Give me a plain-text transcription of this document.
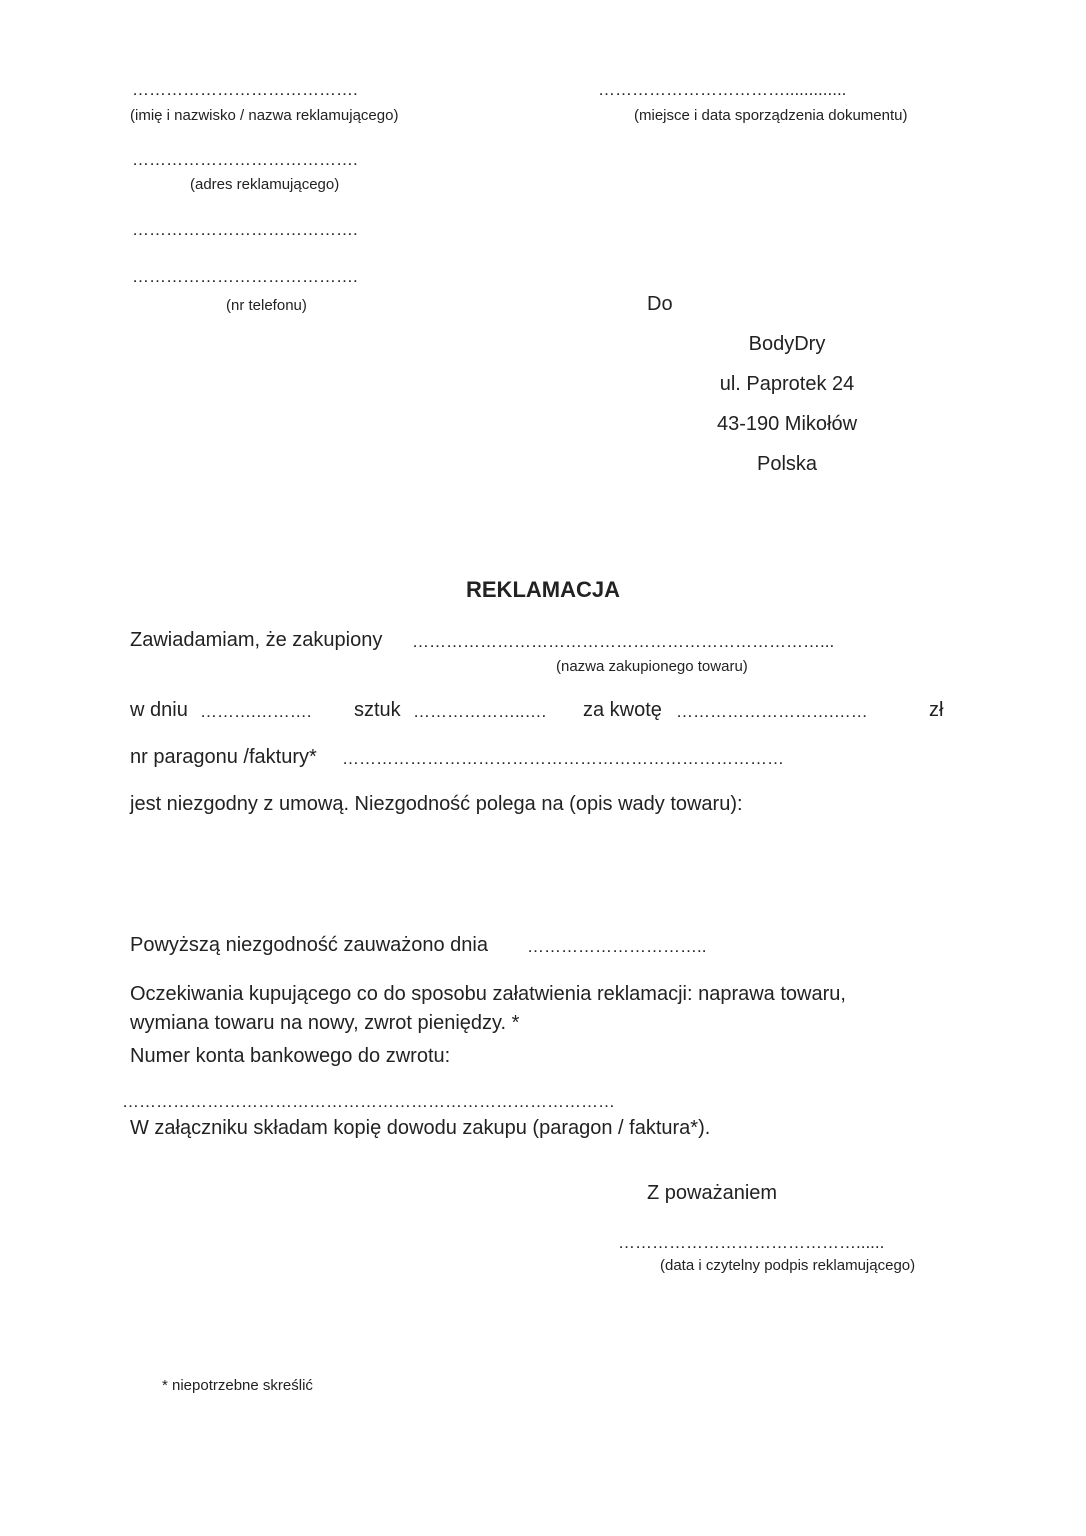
………………………………….
(imię i nazwisko / nazwa reklamującego)
…………………………….............
(miejsce i data sporządzenia dokumentu)
………………………………….
(adres reklamującego)
………………………………….
………………………………….
(nr telefonu)	Do
BodyDry
ul. Paprotek 24
43-190 Mikołów
Polska
REKLAMACJA
Zawiadamiam, że zakupiony ………………………………………………………………...
(nazwa zakupionego towaru)
w dniu ……….………. sztuk ………………..…. za kwotę ……………………….……	zł
nr paragonu /faktury* ……………………………………………………………………
jest niezgodny z umową. Niezgodność polega na (opis wady towaru):
Powyższą niezgodność zauważono dnia …………………………..
Oczekiwania kupującego co do sposobu załatwienia reklamacji: naprawa towaru,
wymiana towaru na nowy, zwrot pieniędzy. *
Numer konta bankowego do zwrotu:
……………………………………………………………………………
W załączniku składam kopię dowodu zakupu (paragon / faktura*).
Z poważaniem
……………………………………......
(data i czytelny podpis reklamującego)
* niepotrzebne skreślić
